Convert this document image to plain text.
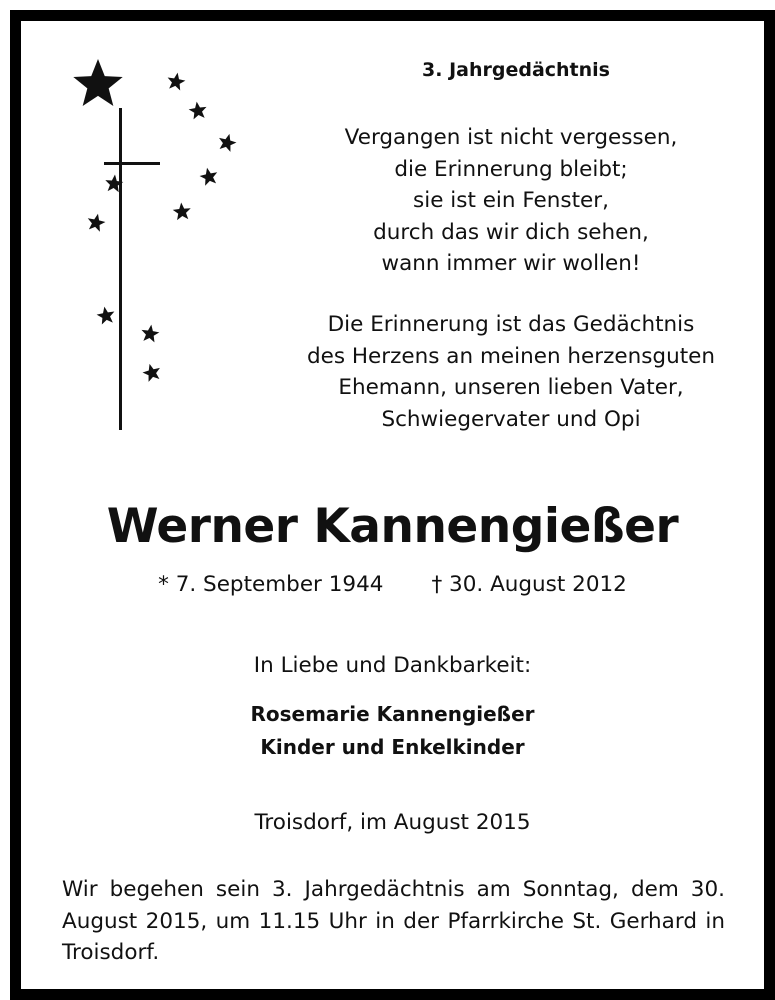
3. Jahrgedächtnis
Vergangen ist nicht vergessen,
die Erinnerung bleibt;
sie ist ein Fenster,
durch das wir dich sehen,
wann immer wir wollen!
Die Erinnerung ist das Gedächtnis
des Herzens an meinen herzensguten
Ehemann, unseren lieben Vater,
Schwiegervater und Opi
Werner Kannengießer
* 7. September 1944 † 30. August 2012
In Liebe und Dankbarkeit:
Rosemarie Kannengießer
Kinder und Enkelkinder
Troisdorf, im August 2015
Wir begehen sein 3. Jahrgedächtnis am Sonntag, dem 30. August 2015, um 11.15 Uhr in der Pfarrkirche St. Gerhard in Troisdorf.
